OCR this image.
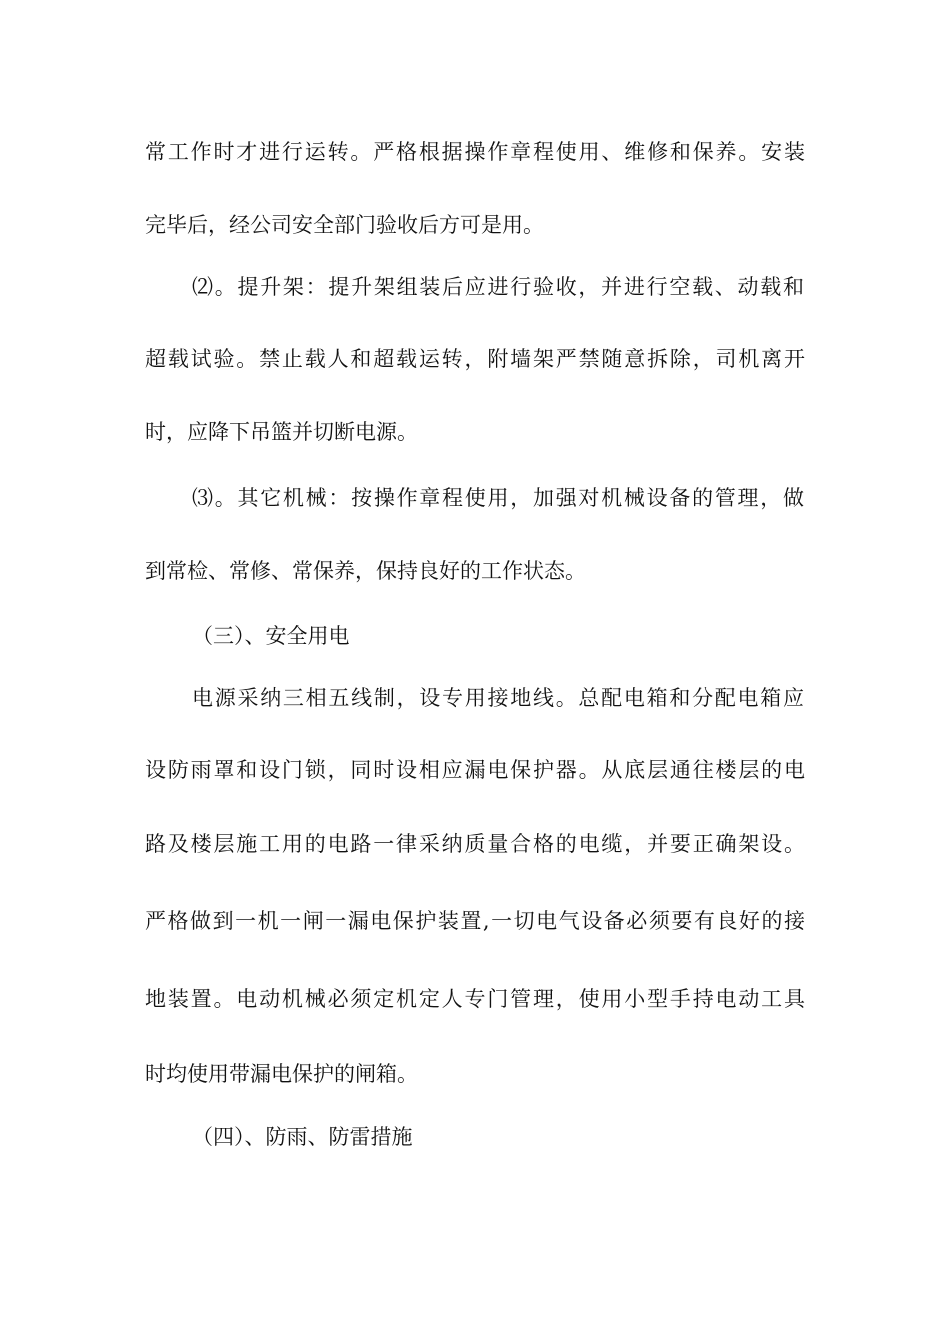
常工作时才进行运转。严格根据操作章程使用、维修和保养。安装
完毕后，经公司安全部门验收后方可是用。
⑵。提升架：提升架组装后应进行验收，并进行空载、动载和
超载试验。禁止载人和超载运转，附墙架严禁随意拆除，司机离开
时，应降下吊篮并切断电源。
⑶。其它机械：按操作章程使用，加强对机械设备的管理，做
到常检、常修、常保养，保持良好的工作状态。
（三）、安全用电
电源采纳三相五线制，设专用接地线。总配电箱和分配电箱应
设防雨罩和设门锁，同时设相应漏电保护器。从底层通往楼层的电
路及楼层施工用的电路一律采纳质量合格的电缆，并要正确架设。
严格做到一机一闸一漏电保护装置,一切电气设备必须要有良好的接
地装置。电动机械必须定机定人专门管理，使用小型手持电动工具
时均使用带漏电保护的闸箱。
（四）、防雨、防雷措施
